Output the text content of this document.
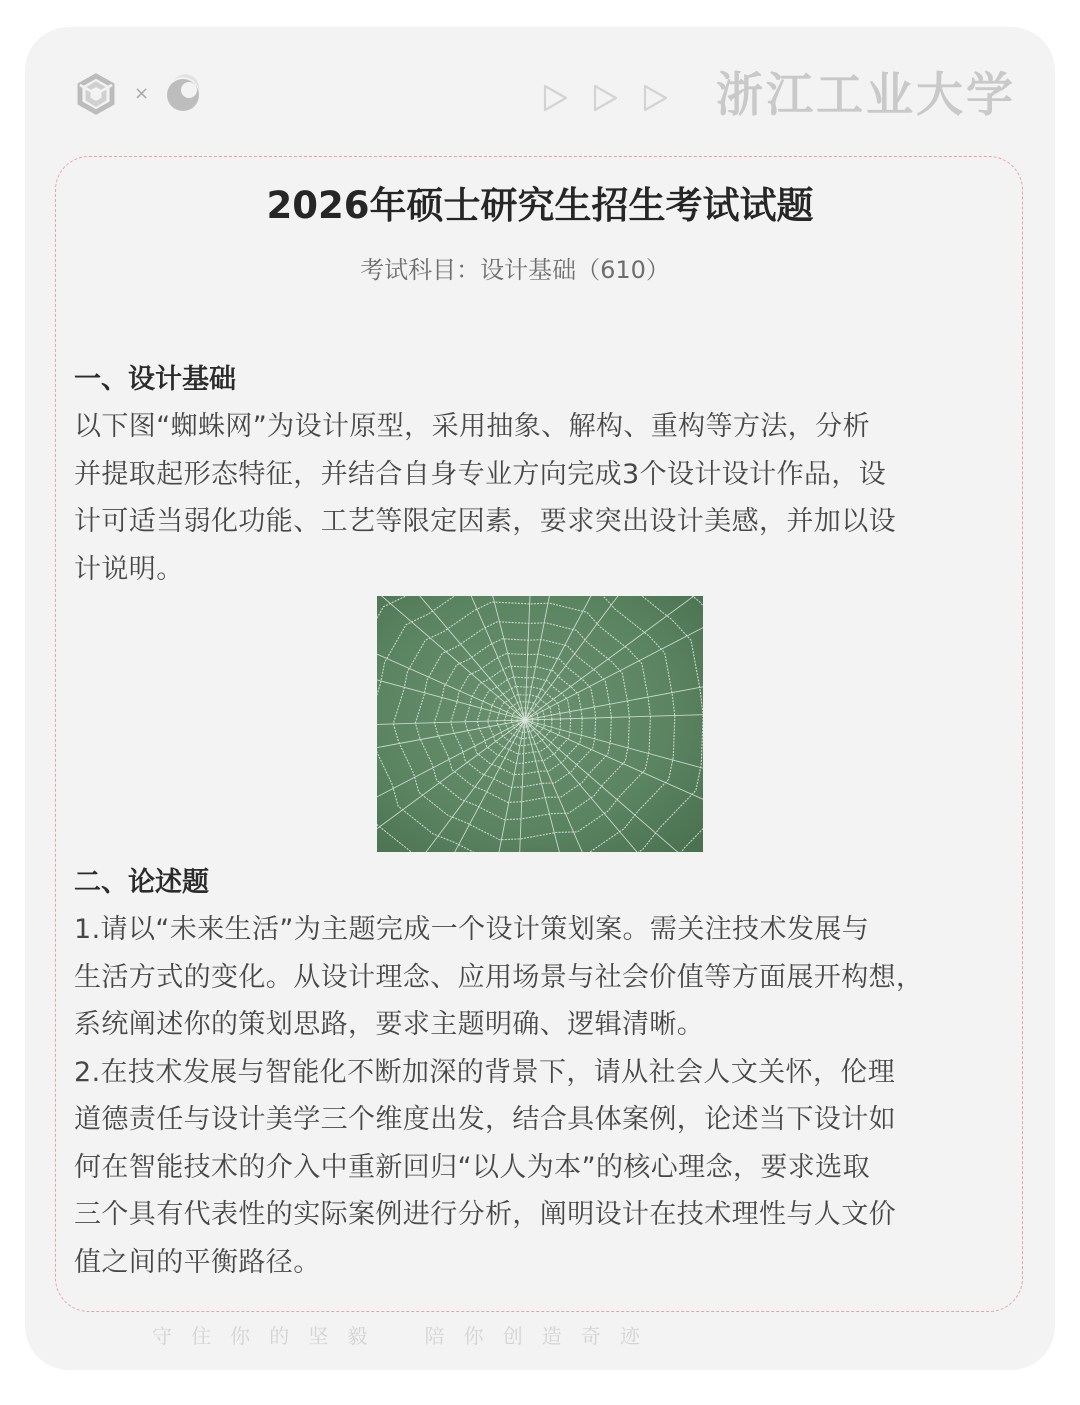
×	浙江工业大学
2026年硕士研究生招生考试试题
考试科目：设计基础（610）
一、设计基础

以下图“蜘蛛网”为设计原型，采用抽象、解构、重构等方法，分析

并提取起形态特征，并结合自身专业方向完成3个设计设计作品，设

计可适当弱化功能、工艺等限定因素，要求突出设计美感，并加以设

计说明。

二、论述题

1.请以“未来生活”为主题完成一个设计策划案。需关注技术发展与

生活方式的变化。从设计理念、应用场景与社会价值等方面展开构想，

系统阐述你的策划思路，要求主题明确、逻辑清晰。

2.在技术发展与智能化不断加深的背景下，请从社会人文关怀，伦理

道德责任与设计美学三个维度出发，结合具体案例，论述当下设计如

何在智能技术的介入中重新回归“以人为本”的核心理念，要求选取

三个具有代表性的实际案例进行分析，阐明设计在技术理性与人文价

值之间的平衡路径。

守   住   你   的   坚   毅         陪   你   创   造   奇   迹
